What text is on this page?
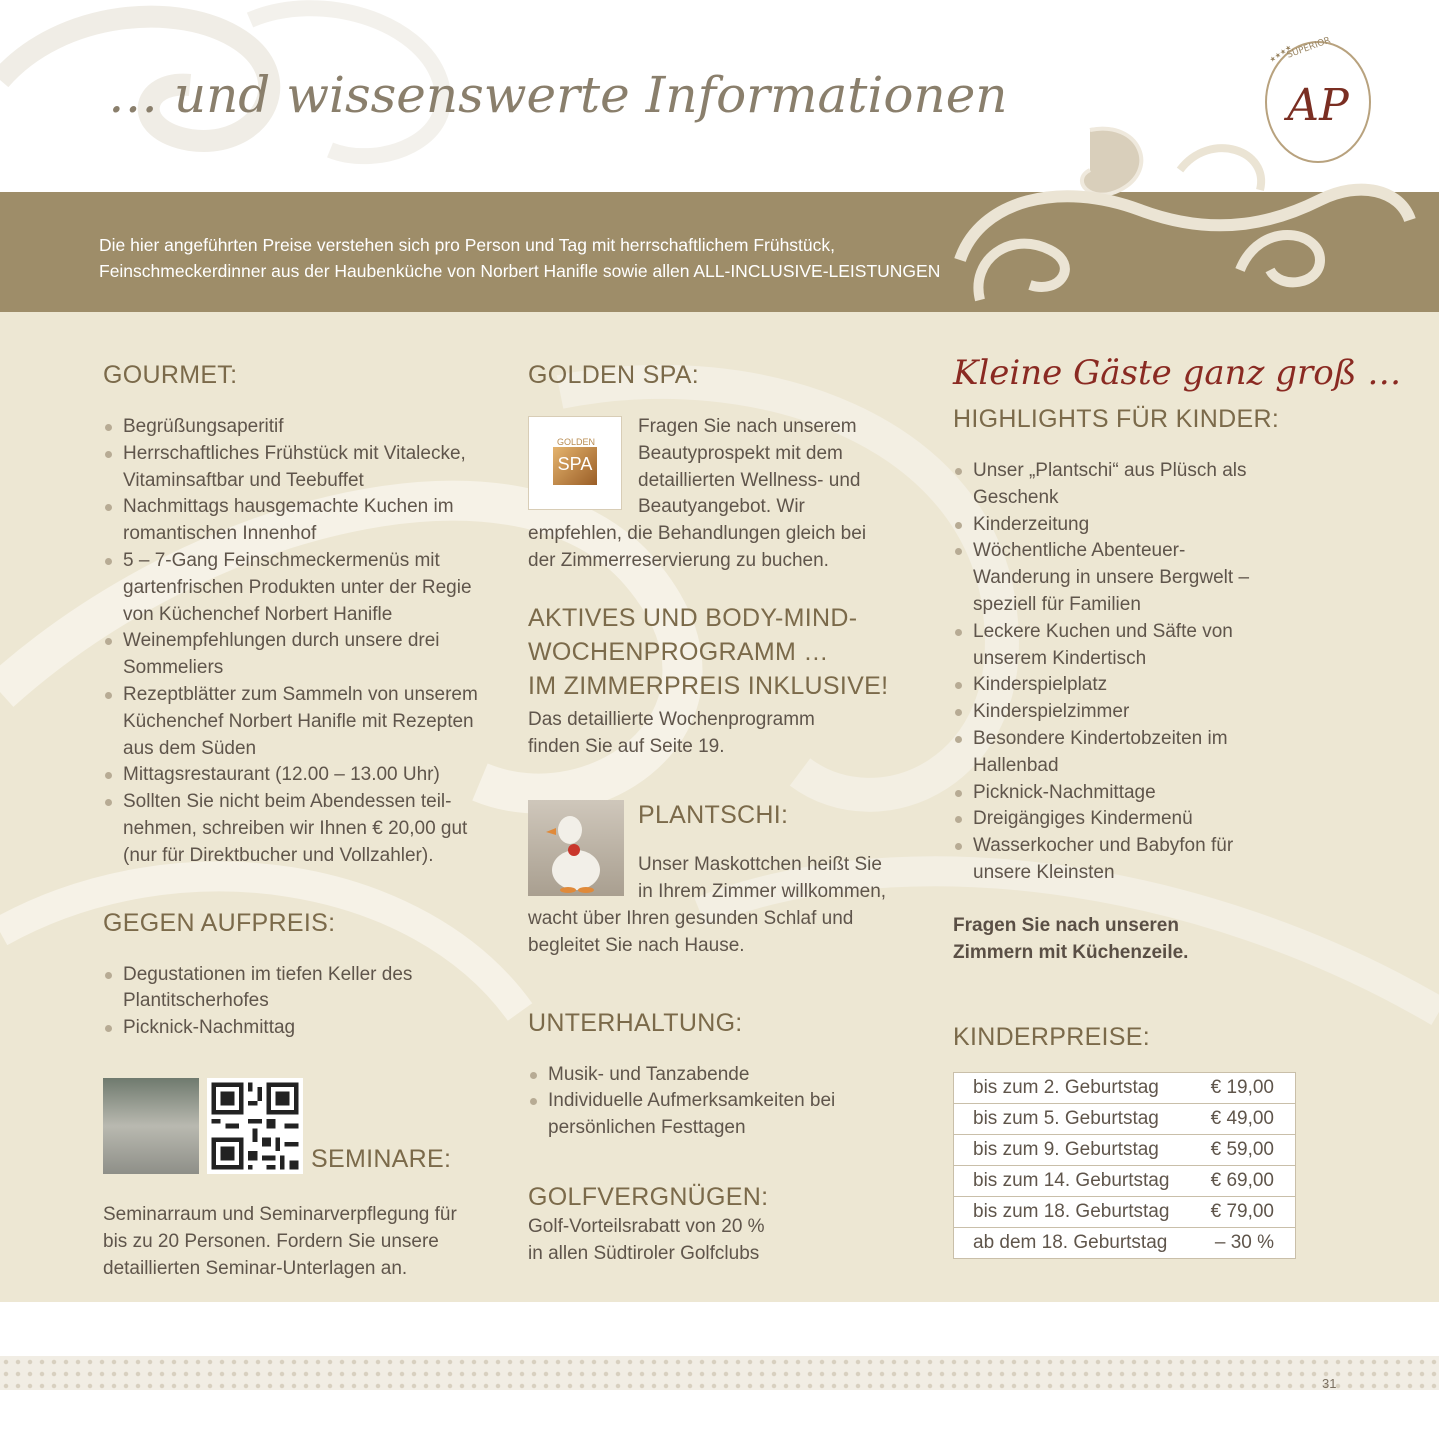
… und wissenswerte Informationen
SUPERIOR
★★★★
AP
Die hier angeführten Preise verstehen sich pro Person und Tag mit herrschaftlichem Frühstück,
Feinschmeckerdinner aus der Haubenküche von Norbert Hanifle sowie allen ALL-INCLUSIVE-LEISTUNGEN
GOURMET:
Begrüßungsaperitif
Herrschaftliches Frühstück mit Vitalecke, Vitaminsaftbar und Teebuffet
Nachmittags hausgemachte Kuchen im romantischen Innenhof
5 – 7-Gang Feinschmeckermenüs mit gartenfrischen Produkten unter der Regie von Küchenchef Norbert Hanifle
Weinempfehlungen durch unsere drei Sommeliers
Rezeptblätter zum Sammeln von unserem Küchenchef Norbert Hanifle mit Rezepten aus dem Süden
Mittagsrestaurant (12.00 – 13.00 Uhr)
Sollten Sie nicht beim Abendessen teil-nehmen, schreiben wir Ihnen € 20,00 gut (nur für Direktbucher und Vollzahler).
GEGEN AUFPREIS:
Degustationen im tiefen Keller des Plantitscherhofes
Picknick-Nachmittag
SEMINARE:

Seminarraum und Seminarverpflegung für bis zu 20 Personen. Fordern Sie unsere detaillierten Seminar-Unterlagen an.

GOLDEN SPA:
GOLDEN
SPA

Fragen Sie nach unserem Beautyprospekt mit dem detaillierten Wellness- und Beautyangebot. Wir empfehlen, die Behandlungen gleich bei der Zimmerreservierung zu buchen.

AKTIVES UND BODY-MIND-
WOCHENPROGRAMM …
IM ZIMMERPREIS INKLUSIVE!

Das detaillierte Wochenprogramm finden Sie auf Seite 19.

PLANTSCHI:

Unser Maskottchen heißt Sie in Ihrem Zimmer willkommen, wacht über Ihren gesunden Schlaf und begleitet Sie nach Hause.

UNTERHALTUNG:
Musik- und Tanzabende
Individuelle Aufmerksamkeiten bei persönlichen Festtagen
GOLFVERGNÜGEN:

Golf-Vorteilsrabatt von 20 % in allen Südtiroler Golfclubs

Kleine Gäste ganz groß …
HIGHLIGHTS FÜR KINDER:
Unser „Plantschi“ aus Plüsch als Geschenk
Kinderzeitung
Wöchentliche Abenteuer-Wanderung in unsere Bergwelt – speziell für Familien
Leckere Kuchen und Säfte von unserem Kindertisch
Kinderspielplatz
Kinderspielzimmer
Besondere Kindertobzeiten im Hallenbad
Picknick-Nachmittage
Dreigängiges Kindermenü
Wasserkocher und Babyfon für unsere Kleinsten

Fragen Sie nach unseren Zimmern mit Küchenzeile.

KINDERPREISE:
bis zum 2. Geburtstag	€ 19,00
bis zum 5. Geburtstag	€ 49,00
bis zum 9. Geburtstag	€ 59,00
bis zum 14. Geburtstag	€ 69,00
bis zum 18. Geburtstag	€ 79,00
ab dem 18. Geburtstag	– 30 %
31
